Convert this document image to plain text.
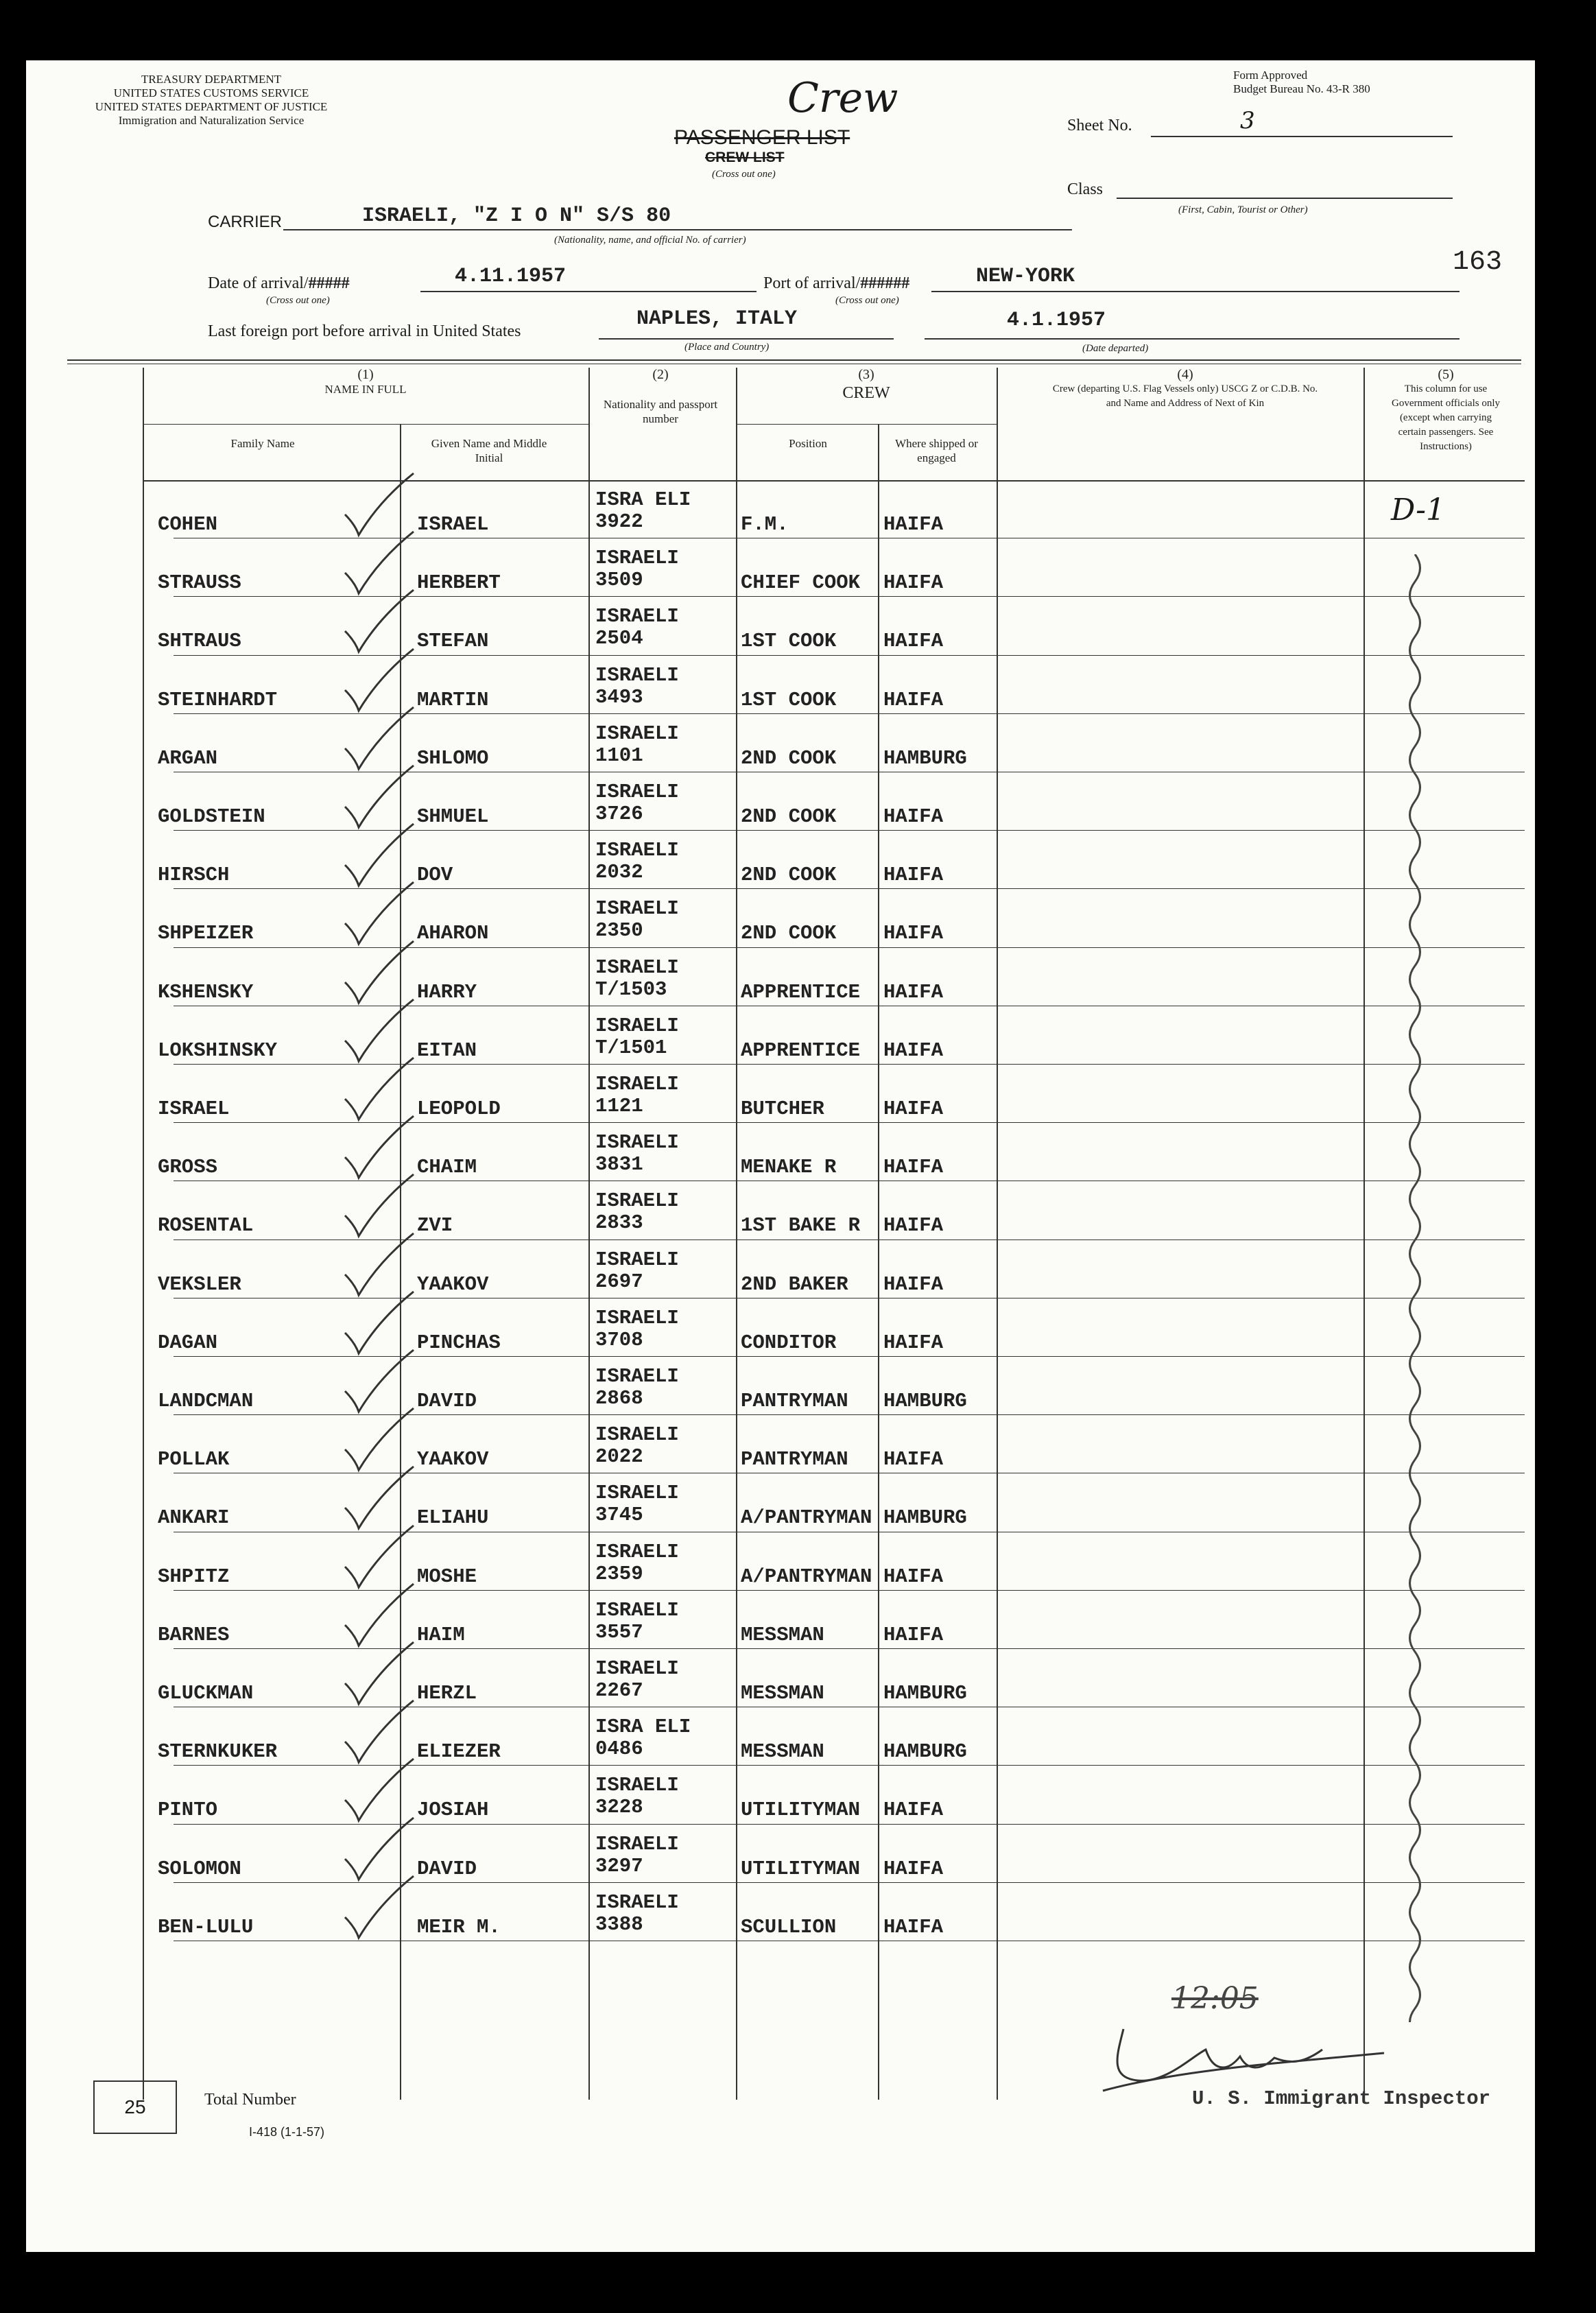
TREASURY DEPARTMENT
UNITED STATES CUSTOMS SERVICE
UNITED STATES DEPARTMENT OF JUSTICE
Immigration and Naturalization Service
Form Approved
Budget Bureau No. 43-R 380
Crew
PASSENGER LIST
CREW LIST
(Cross out one)
Sheet No.	3
Class
(First, Cabin, Tourist or Other)
CARRIER	ISRAELI, "Z I O N" S/S 80
(Nationality, name, and official No. of carrier)
Date of arrival/#####	4.11.1957
(Cross out one)
Port of arrival/######	NEW-YORK
(Cross out one)
163
Last foreign port before arrival in United States
NAPLES, ITALY
(Place and Country)
4.1.1957
(Date departed)
(1)
NAME IN FULL
Family Name	Given Name and Middle Initial
(2)
Nationality and passport number
(3)
CREW
Position	Where shipped or engaged
(4)
Crew (departing U.S. Flag Vessels only) USCG Z or C.D.B. No. and Name and Address of Next of Kin
(5)
This column for use Government officials only (except when carrying certain passengers. See Instructions)
COHEN	ISRAEL
ISRA ELI
3922	F.M.	HAIFA
STRAUSS	HERBERT
ISRAELI
3509	CHIEF COOK HAIFA
SHTRAUS	STEFAN
ISRAELI
2504	1ST COOK HAIFA
STEINHARDT	MARTIN
ISRAELI
3493	1ST COOK HAIFA
ARGAN	SHLOMO
ISRAELI
1101	2ND COOK HAMBURG
GOLDSTEIN	SHMUEL
ISRAELI
3726	2ND COOK HAIFA
HIRSCH	DOV
ISRAELI
2032	2ND COOK HAIFA
SHPEIZER	AHARON
ISRAELI
2350	2ND COOK HAIFA
KSHENSKY	HARRY
ISRAELI
T/1503	APPRENTICE HAIFA
LOKSHINSKY	EITAN
ISRAELI
T/1501	APPRENTICE HAIFA
ISRAEL	LEOPOLD
ISRAELI
1121	BUTCHER	HAIFA
GROSS	CHAIM
ISRAELI
3831	MENAKE R HAIFA
ROSENTAL	ZVI
ISRAELI
2833	1ST BAKE R HAIFA
VEKSLER	YAAKOV
ISRAELI
2697	2ND BAKER HAIFA
DAGAN	PINCHAS
ISRAELI
3708	CONDITOR HAIFA
LANDCMAN	DAVID
ISRAELI
2868	PANTRYMAN HAMBURG
POLLAK	YAAKOV
ISRAELI
2022	PANTRYMAN HAIFA
ANKARI	ELIAHU
ISRAELI
3745	A/PANTRYMAN HAMBURG
SHPITZ	MOSHE
ISRAELI
2359	A/PANTRYMAN HAIFA
BARNES	HAIM
ISRAELI
3557	MESSMAN	HAIFA
GLUCKMAN	HERZL
ISRAELI
2267	MESSMAN	HAMBURG
STERNKUKER	ELIEZER
ISRA ELI
0486	MESSMAN	HAMBURG
PINTO	JOSIAH
ISRAELI
3228	UTILITYMAN HAIFA
SOLOMON	DAVID
ISRAELI
3297	UTILITYMAN HAIFA
BEN-LULU	MEIR M.
ISRAELI
3388	SCULLION HAIFA
D-1
25	Total Number
I-418 (1-1-57)
12:05
U. S. Immigrant Inspector
